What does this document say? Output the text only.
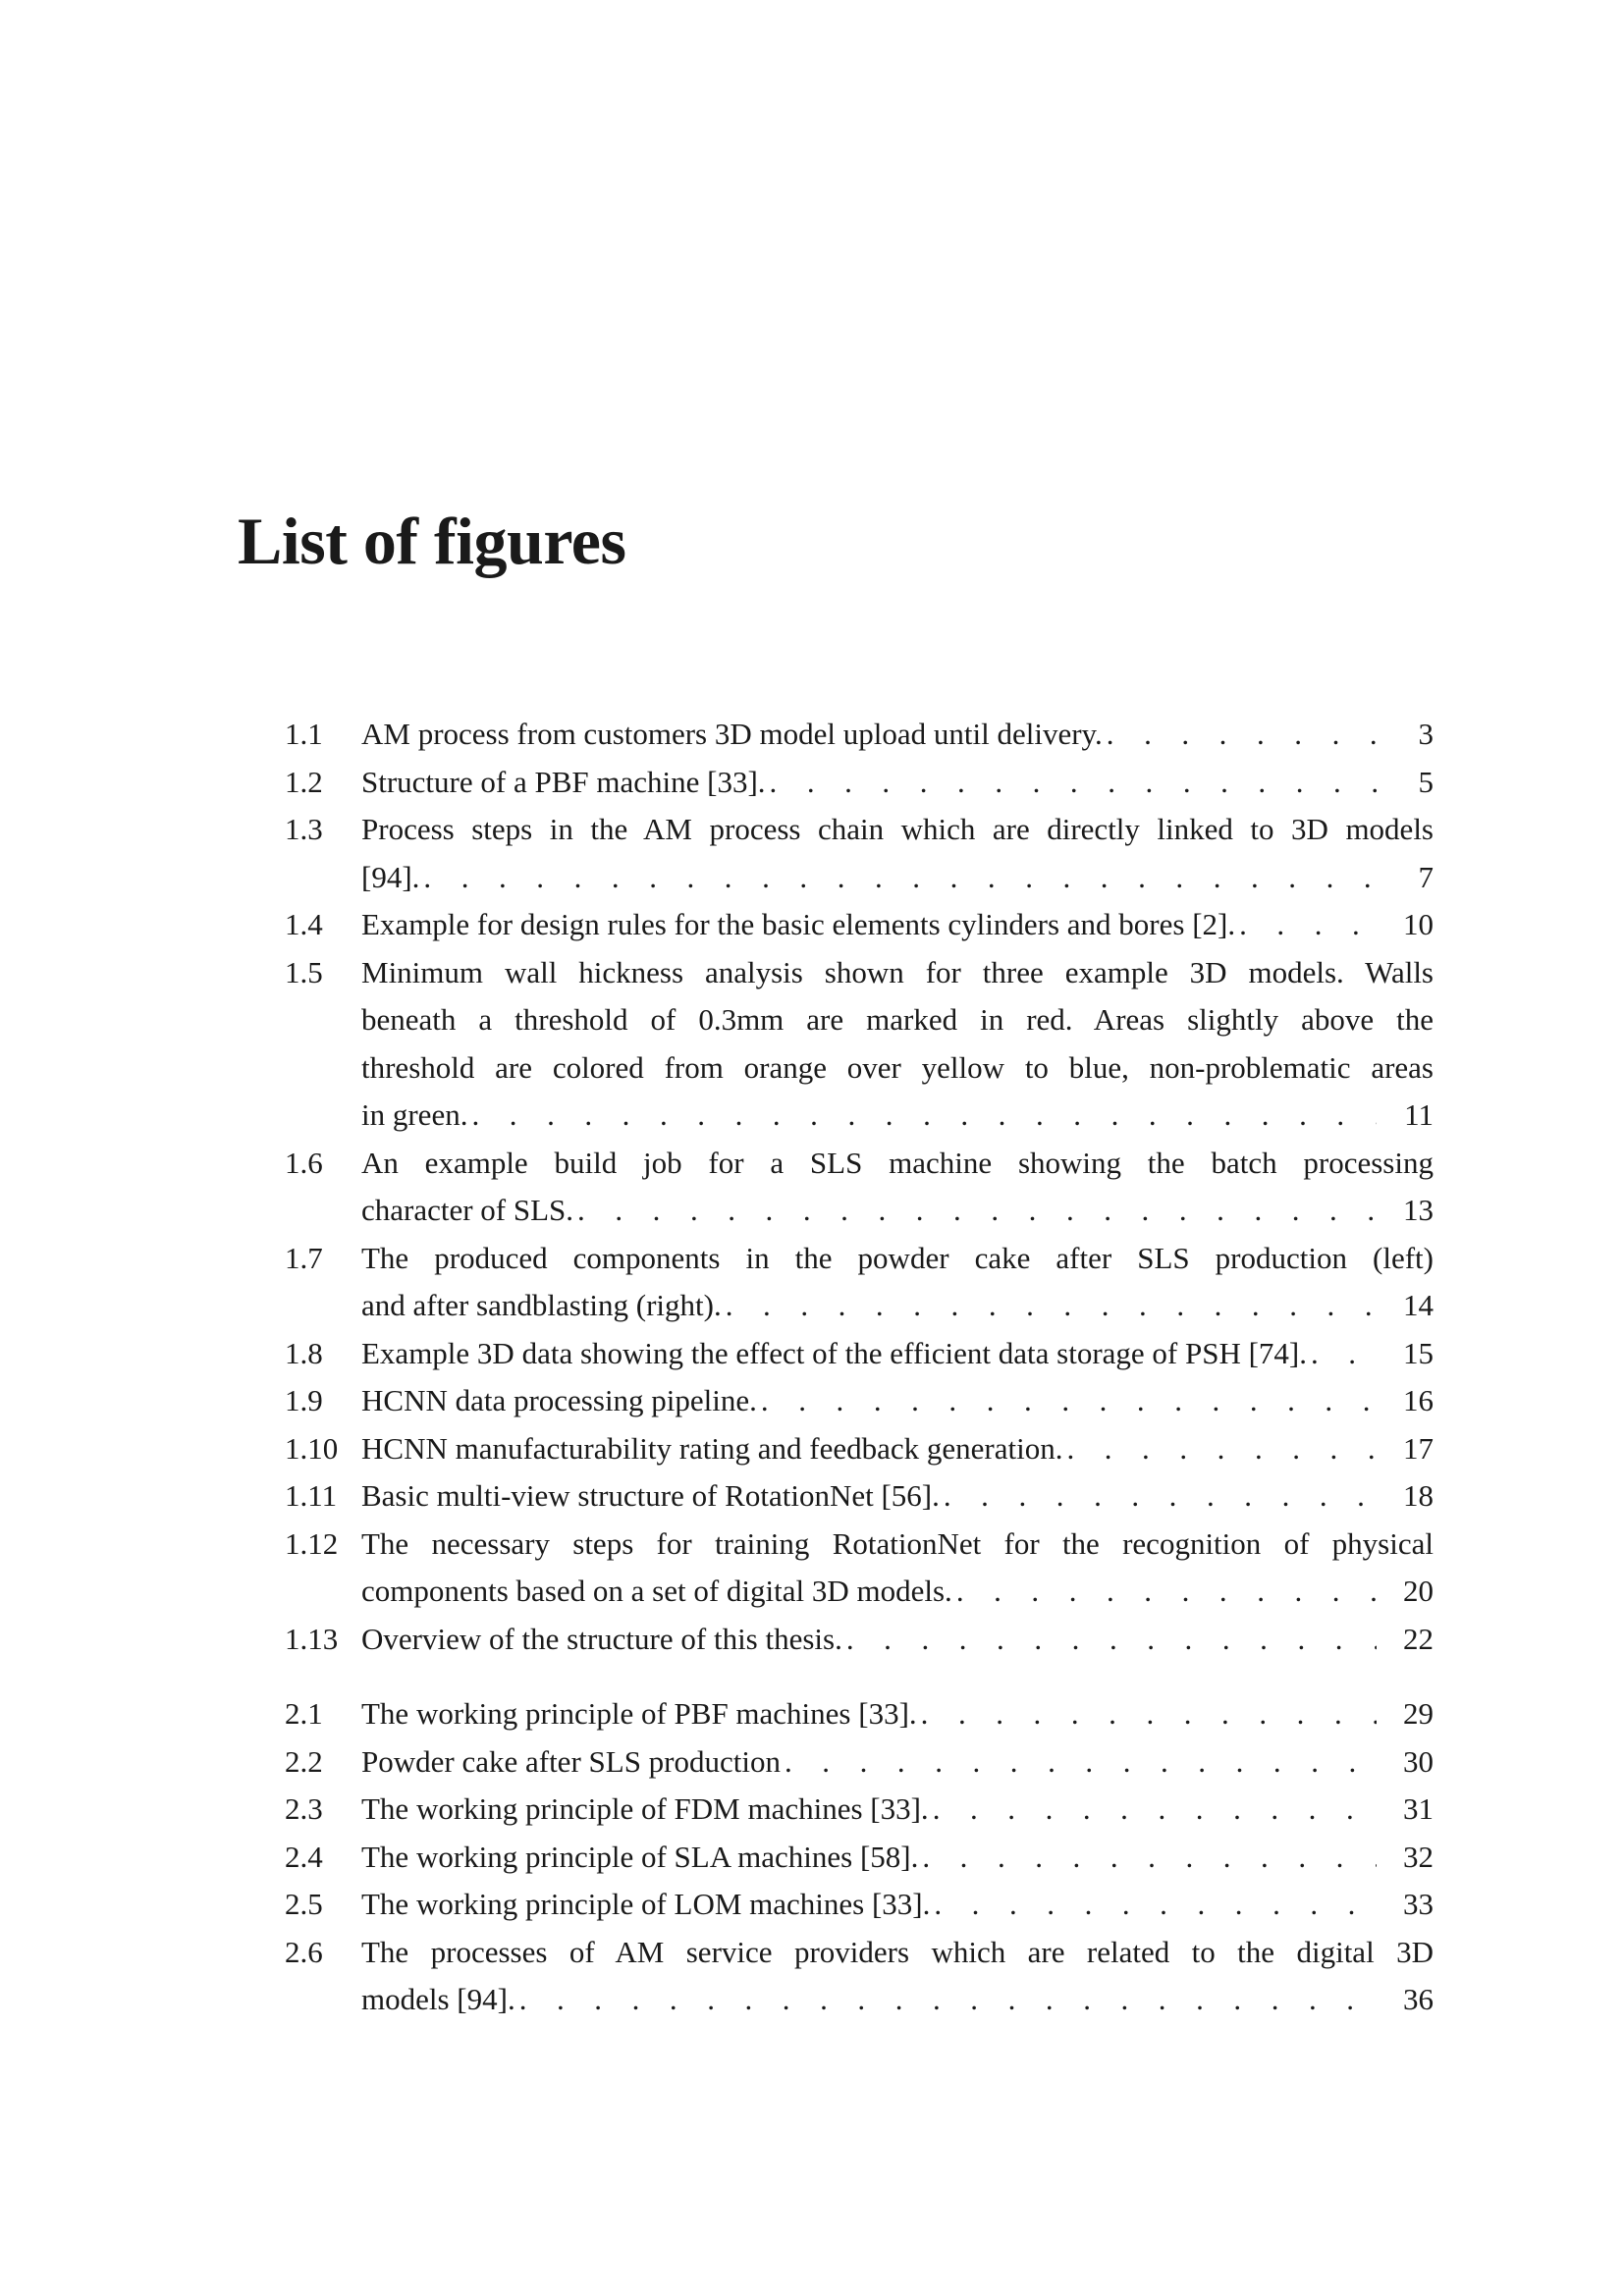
List of figures
1.1	AM process from customers 3D model upload until delivery. . . .	3
1.2	Structure of a PBF machine [33]. . . .	5
1.3	Process steps in the AM process chain which are directly linked to 3D models
[94]. . . .	7
1.4	Example for design rules for the basic elements cylinders and bores [2]. . . .	10
1.5	Minimum wall hickness analysis shown for three example 3D models. Walls
beneath a threshold of 0.3mm are marked in red. Areas slightly above the
threshold are colored from orange over yellow to blue, non-problematic areas
in green. . . .	11
1.6	An example build job for a SLS machine showing the batch processing
character of SLS. . . .	13
1.7	The produced components in the powder cake after SLS production (left)
and after sandblasting (right). . . .	14
1.8	Example 3D data showing the effect of the efficient data storage of PSH [74]. . . .	15
1.9	HCNN data processing pipeline. . . .	16
1.10 HCNN manufacturability rating and feedback generation. . . .	17
1.11 Basic multi-view structure of RotationNet [56]. . . .	18
1.12 The necessary steps for training RotationNet for the recognition of physical
components based on a set of digital 3D models. . . .	20
1.13 Overview of the structure of this thesis. . . .	22
2.1	The working principle of PBF machines [33]. . . .	29
2.2	Powder cake after SLS production . . .	30
2.3	The working principle of FDM machines [33]. . . .	31
2.4	The working principle of SLA machines [58]. . . .	32
2.5	The working principle of LOM machines [33]. . . .	33
2.6	The processes of AM service providers which are related to the digital 3D
models [94]. . . .	36
